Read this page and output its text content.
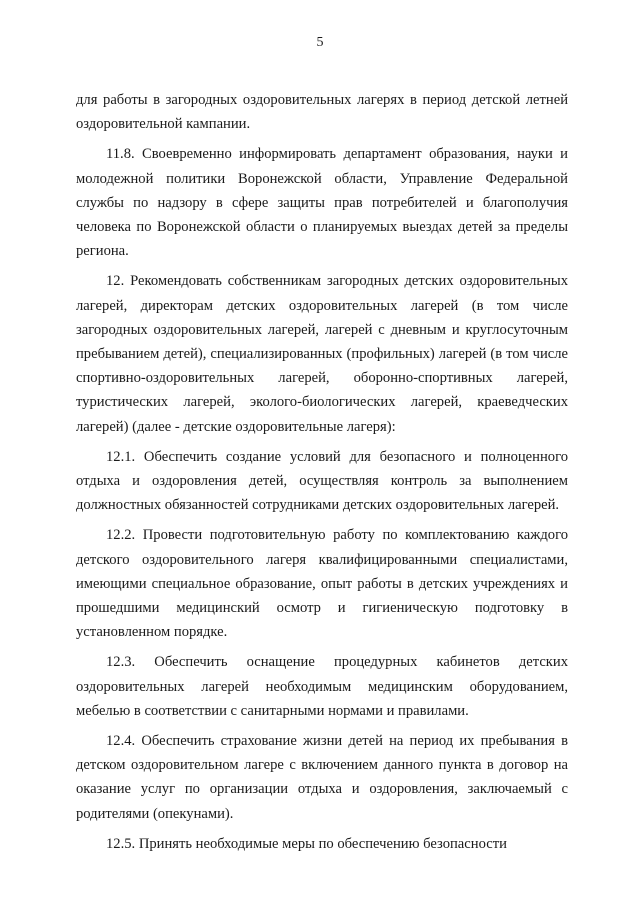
5

для работы в загородных оздоровительных лагерях в период детской летней оздоровительной кампании.

11.8. Своевременно информировать департамент образования, науки и молодежной политики Воронежской области, Управление Федеральной службы по надзору в сфере защиты прав потребителей и благополучия человека по Воронежской области о планируемых выездах детей за пределы региона.

12. Рекомендовать собственникам загородных детских оздоровительных лагерей, директорам детских оздоровительных лагерей (в том числе загородных оздоровительных лагерей, лагерей с дневным и круглосуточным пребыванием детей), специализированных (профильных) лагерей (в том числе спортивно-оздоровительных лагерей, оборонно-спортивных лагерей, туристических лагерей, эколого-биологических лагерей, краеведческих лагерей) (далее - детские оздоровительные лагеря):

12.1. Обеспечить создание условий для безопасного и полноценного отдыха и оздоровления детей, осуществляя контроль за выполнением должностных обязанностей сотрудниками детских оздоровительных лагерей.

12.2. Провести подготовительную работу по комплектованию каждого детского оздоровительного лагеря квалифицированными специалистами, имеющими специальное образование, опыт работы в детских учреждениях и прошедшими медицинский осмотр и гигиеническую подготовку в установленном порядке.

12.3. Обеспечить оснащение процедурных кабинетов детских оздоровительных лагерей необходимым медицинским оборудованием, мебелью в соответствии с санитарными нормами и правилами.

12.4. Обеспечить страхование жизни детей на период их пребывания в детском оздоровительном лагере с включением данного пункта в договор на оказание услуг по организации отдыха и оздоровления, заключаемый с родителями (опекунами).

12.5. Принять необходимые меры по обеспечению безопасности
